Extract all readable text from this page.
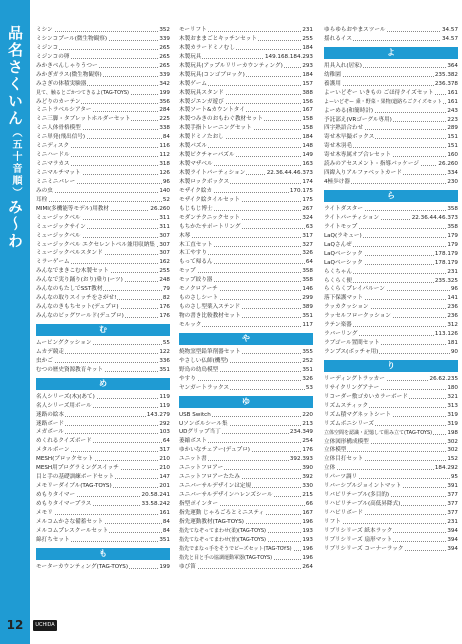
品名さくいん（五十音順）み〜わ
12	UCHIDA
ミシン	352
ミシンコプール(微生物観察)	339
ミジンコ	265
ミジンコの卵	265
みかきべんしゃりうつー	265
みかぎガラス(微生物観察)	339
みさぎの体積実験器	342
見て、触るとごかつてきるよ(TAG-TOYS)	199
みどりのカーテン	356
ミニトラベルシアター	284
ミニ三脚・タブレットホルダーセット	225
ミニ人体骨格模型	338
ミニ単発(飛出信号)	84
ミニディスク	116
ミニハードル	112
ミニマラカス	318
ミニマルチマット	126
ミニミニバレー	96
みの虫	140
耳栓	52
MIMI(多機能等モデル)用教材	26.260
ミュージックベル	311
ミュージックサイン	311
ミュージックベル	307
ミュージックベル エクセレントベル兼用収納集 307
ミュージックベルスタンド	307
ミラーゲーム	162
みんなでまきこむ木製セット	255
みんなで実り踊り(おり)乗り(ーツ)	248
みんなのもたしでSST教材	79
みんなの取りスイッチをさがせ!	82
みんなのきもちセット(デュプロ)	176
みんなのビッグワールド(デュプロ)	176
む
ムービングクッション	55
ムカデ競走	122
虫かご	336
むつの歴史資源教育キット	351
め
名人シリーズ(木)(あて)	119
名人シリーズ用ボール	119
迷路の絵本	143.279
迷路ボード	292
メガボール	103
めくれるクイズボード	64
メタルボーン	317
MESH(ブロックセット	210
MESH用プログラミングスイッチ	210
目と手の基礎訓練ボードセット	147
メモリーダイブル(TAG-TOYS)	201
めもりタイマー	20.58.241
めもりタイマープラス	33.58.242
メモリ	161
メルコムかさな備蓄セット	84
メルコムプレスクールセット	84
綿打ちセット	351
も
モーターカウンティング(TAG-TOYS)	199
モーリフト	231
木製おままごとキッチンセット	255
木製カラードミノむし	184
木製玩具	149.168.184.293
木製玩具(アップルリリーカウンティング)	293
木製玩具(コンゴブロック)	184
木製ゲーム	157
木製玩具スタンド	388
木製ジエンガ遊び	156
木製ソート&カウントタイ	167
木製つみきのおもわぐ教材セット	158
木製手指トレーニングセット	158
木製ドミノたおし	184
木製パズル	148
木製ピクチャーパズル	149
木製マザベル	163
木製ライトパーティション	22.36.44.46.373
木製ロックボックス	174
モザイク絵カ	170.175
モザイク絵タイルセット	175
もじもじ博士	267
モダンテクニックセット	324
もちかたサポートリング	63
木琴	317
木工直セット	327
木工やすり	326
もって帰るん	64
モップ	358
モップ絞り器	358
モノクロアーチ	146
ものさしシート	299
ものさし型薬入ステンド	389
物の書き比較教材セット	351
モルック	117
や
焼物窯型鉛筆削器セット	355
やさしい仏師(機型)	252
野鳥の幼鳥模型	351
やすり	326
ヤンガートラックス	53
ゆ
USB Switch	220
Uソンボルシール集	213
UDグリップ当丁	234.349
萎縮ボスト	254
ゆかいなチェアー(デュプロ)	176
ユニット書	392.393
ユニットフロアー	390
ユニットフロアーたたみ	392
ユニバーサルデザインは定規	330
ユニバーサルデザインハレンズシール	215
指型ポインター	66
指先運動 じゃろごろとミニスティ	167
指先運動教材(TAG-TOYS)	196
指先てなぞってまわせ(柔)(TAG-TOYS)	193
指先てなぞってまわせ(普)(TAG-TOYS)	193
指先でまなっ手をそうでピーズセット(TAG-TOYS) 196
指先と目と手の協調運動軍器(TAG-TOYS)	196
ゆび笛	264
ゆらゆらおやまスツール	34.57
揺れるイス	34.57
よ
用具入れ(居家)	364
幼稚園	235.382
養護用	236.378
よーいどぞー いきもの ごほ待クイズセット 161
よーいどぞー 乗・野菜・果物/道路ちごクイズセット 161
よーめる(和簡時計)	243
予託部え(VRゴーグル専用)	223
四字熟語合わせ	289
寄せ木早撮ボックス	151
寄せ木羽毛	151
寄せ木専属オブ合レセット	160
読みのアセスメント・指導パッケージ	26.260
四緯入りアルファベットカード	334
4極歩け器	230
ら
ライトダスター	358
ライトパーティション	22.36.44.46.373
ライトモップ	358
LaQ(ラキュー)	179
LaQさんぜ	179
LaQベーシック	178.179
LaQベーシック	178.179
らくちゃん	231
らくらく便	235.325
らくらくプレイパルーン	96
落下保護マット	141
ラッカクッション	236
ラッセルフロークッション	236
ラテン楽器	312
ラバーリング	113.126
ラブゴール置間セット	181
ランプス(ボッチャ用)	90
り
リーディングトラッカー	26.62.235
リサイクリングアナー	180
リコーダー敷ゴカいカラーボード	321
リズムスティック	313
リズム積マグネットシート	319
リズムボニシリーズ	319
立体空間を認識・記憶して組み立て(TAG-TOYS)	198
立体図形構成模型	302
立体模型	302
立体目打セット	152
立体	184.292
リパーツ調リ	95
リバーシブルジョイントマット	391
リバビリテーブル(多目的)	377
リハビリテーブル(高低昇降式)	377
リハビリボード	377
リフト	231
リブリシリーズ 紙本ラック	394
リブリシリーズ 扇形マット	394
リブリシリーズ コーナーラック	394
